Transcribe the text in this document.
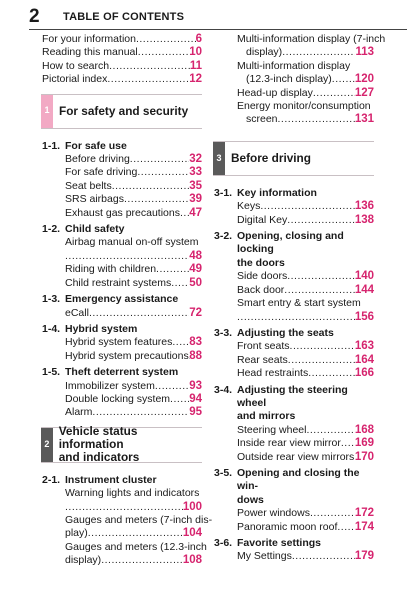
2	TABLE OF CONTENTS
For your information .....	6
Reading this manual .....	10
How to search .....	11
Pictorial index .....	12
1 For safety and security
1-1. For safe use
Before driving .....	32
For safe driving .....	33
Seat belts .....	35
SRS airbags .....	39
Exhaust gas precautions ..... 47
1-2. Child safety
Airbag manual on-off system
.....
48
Riding with children .....	49
Child restraint systems ..... 50
1-3. Emergency assistance
eCall .....	72
1-4. Hybrid system
Hybrid system features ..... 83
Hybrid system precautions ..... 88
1-5. Theft deterrent system
Immobilizer system .....	93
Double locking system ..... 94
Alarm .....	95
2
Vehicle status information
and indicators
2-1. Instrument cluster
Warning lights and indicators
.....
100
Gauges and meters (7-inch dis-
play) .....	104
Gauges and meters (12.3-inch
display) .....	108
Multi-information display (7-inch
display) .....	113
Multi-information display
(12.3-inch display) ..... 120
Head-up display .....	127
Energy monitor/consumption
screen .....	131
3 Before driving
3-1. Key information
Keys .....	136
Digital Key .....	138
3-2. Opening, closing and locking
the doors
Side doors .....	140
Back door .....	144
Smart entry & start system
.....
156
3-3. Adjusting the seats
Front seats .....	163
Rear seats .....	164
Head restraints .....	166
3-4. Adjusting the steering wheel
and mirrors
Steering wheel .....	168
Inside rear view mirror ..... 169
Outside rear view mirrors ..... 170
3-5. Opening and closing the win-
dows
Power windows .....	172
Panoramic moon roof ..... 174
3-6. Favorite settings
My Settings .....	179
